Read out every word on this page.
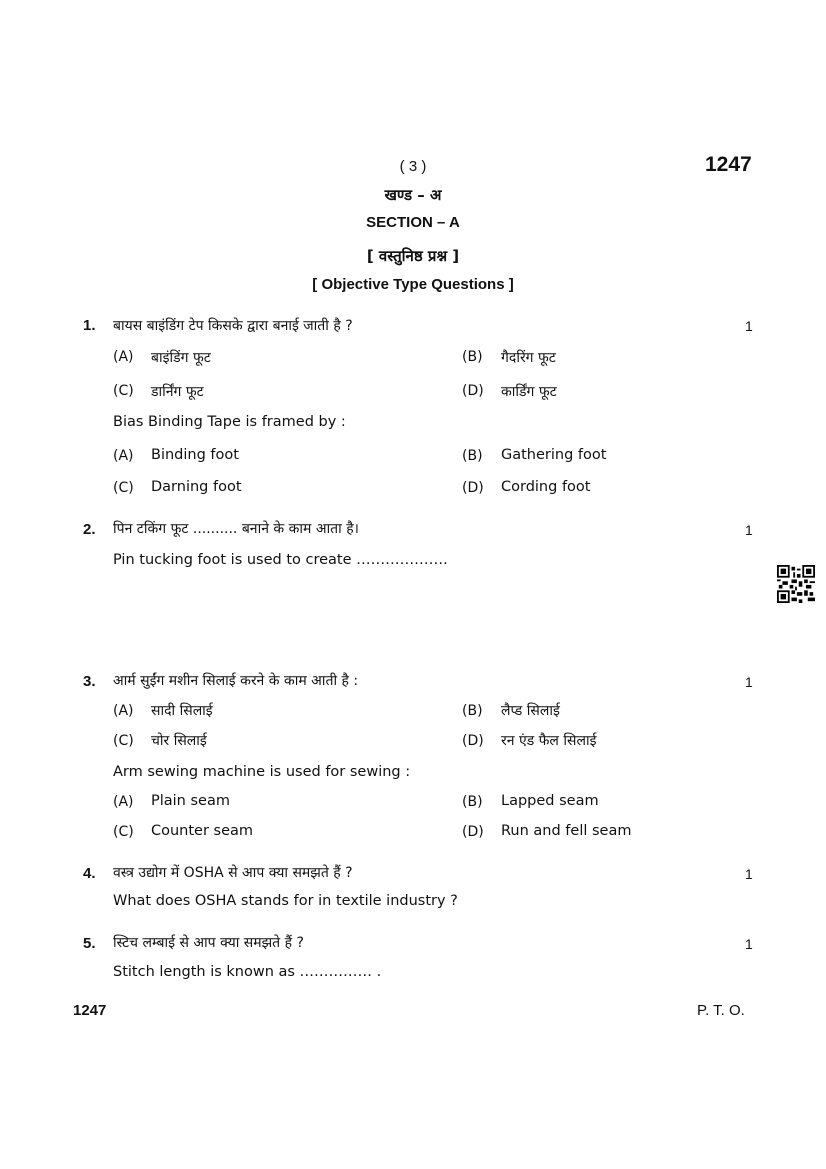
( 3 )	1247
खण्ड – अ
SECTION – A
[ वस्तुनिष्ठ प्रश्न ]
[ Objective Type Questions ]
1. बायस बाइंडिंग टेप किसके द्वारा बनाई जाती है ?	1
(A) बाइंडिंग फूट	(B) गैदरिंग फूट
(C) डार्निंग फूट	(D) कार्डिंग फूट
Bias Binding Tape is framed by :
(A) Binding foot	(B) Gathering foot
(C) Darning foot	(D) Cording foot
2. पिन टकिंग फूट .......... बनाने के काम आता है।	1
Pin tucking foot is used to create ……………….
3. आर्म सुईंग मशीन सिलाई करने के काम आती है :	1
(A) सादी सिलाई	(B) लैप्ड सिलाई
(C) चोर सिलाई	(D) रन एंड फैल सिलाई
Arm sewing machine is used for sewing :
(A) Plain seam	(B) Lapped seam
(C) Counter seam	(D) Run and fell seam
4. वस्त्र उद्योग में OSHA से आप क्या समझते हैं ?	1
What does OSHA stands for in textile industry ?
5. स्टिच लम्बाई से आप क्या समझते हैं ?	1
Stitch length is known as …………… .
1247	P. T. O.
